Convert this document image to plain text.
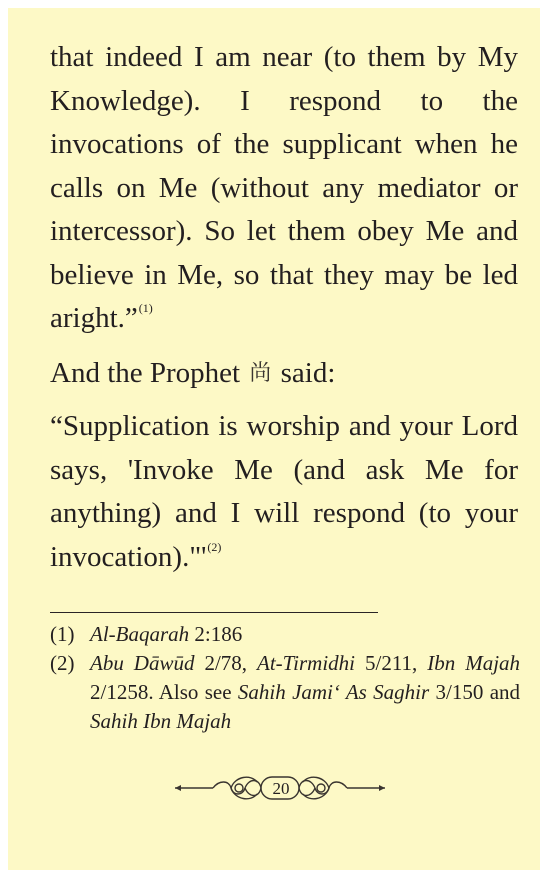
that indeed I am near (to them by My Knowledge). I respond to the invocations of the supplicant when he calls on Me (without any mediator or intercessor). So let them obey Me and believe in Me, so that they may be led aright.”$^{(1)}$

And the Prophet 尚 said:

“Supplication is worship and your Lord says, 'Invoke Me (and ask Me for anything) and I will respond (to your invocation)."'$^{(2)}$

(1) Al-Baqarah 2:186
(2) Abu Dāwūd 2/78, At-Tirmidhi 5/211, Ibn Majah 2/1258. Also see Sahih Jami‘ As Saghir 3/150 and Sahih Ibn Majah
20
